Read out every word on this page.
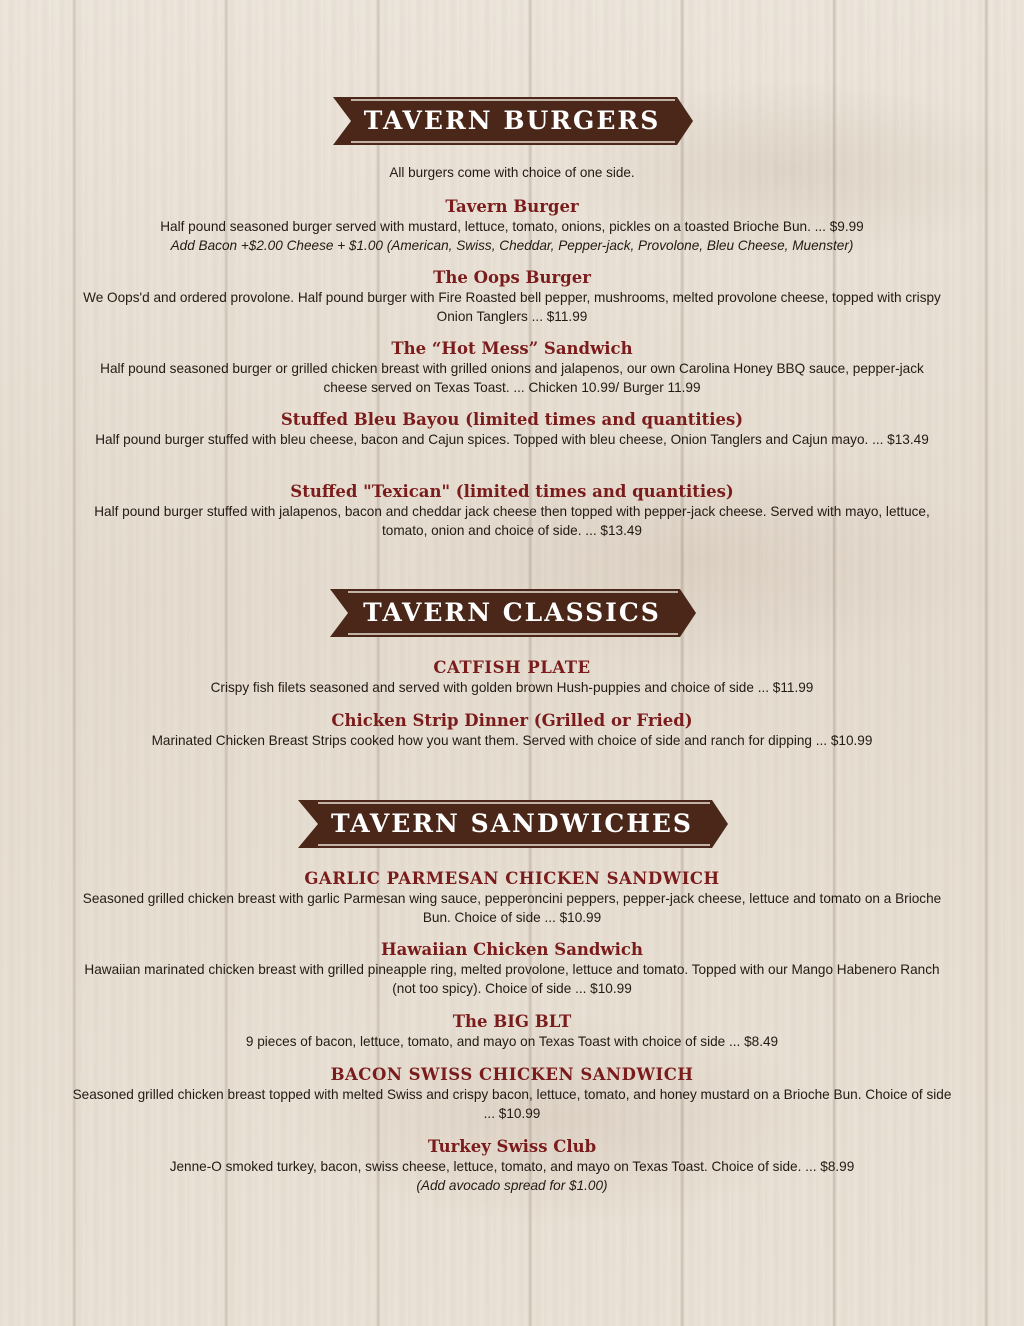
TAVERN BURGERS
All burgers come with choice of one side.
Tavern Burger
Half pound seasoned burger served with mustard, lettuce, tomato, onions, pickles on a toasted Brioche Bun. ... $9.99
Add Bacon +$2.00 Cheese + $1.00 (American, Swiss, Cheddar, Pepper-jack, Provolone, Bleu Cheese, Muenster)
The Oops Burger
We Oops'd and ordered provolone. Half pound burger with Fire Roasted bell pepper, mushrooms, melted provolone cheese, topped with crispy Onion Tanglers ... $11.99
The “Hot Mess” Sandwich
Half pound seasoned burger or grilled chicken breast with grilled onions and jalapenos, our own Carolina Honey BBQ sauce, pepper-jack cheese served on Texas Toast. ... Chicken 10.99/ Burger 11.99
Stuffed Bleu Bayou (limited times and quantities)
Half pound burger stuffed with bleu cheese, bacon and Cajun spices. Topped with bleu cheese, Onion Tanglers and Cajun mayo. ... $13.49
Stuffed "Texican" (limited times and quantities)
Half pound burger stuffed with jalapenos, bacon and cheddar jack cheese then topped with pepper-jack cheese. Served with mayo, lettuce, tomato, onion and choice of side. ... $13.49
TAVERN CLASSICS
CATFISH PLATE
Crispy fish filets seasoned and served with golden brown Hush-puppies and choice of side ... $11.99
Chicken Strip Dinner (Grilled or Fried)
Marinated Chicken Breast Strips cooked how you want them. Served with choice of side and ranch for dipping ... $10.99
TAVERN SANDWICHES
GARLIC PARMESAN CHICKEN SANDWICH
Seasoned grilled chicken breast with garlic Parmesan wing sauce, pepperoncini peppers, pepper-jack cheese, lettuce and tomato on a Brioche Bun. Choice of side ... $10.99
Hawaiian Chicken Sandwich
Hawaiian marinated chicken breast with grilled pineapple ring, melted provolone, lettuce and tomato. Topped with our Mango Habenero Ranch (not too spicy). Choice of side ... $10.99
The BIG BLT
9 pieces of bacon, lettuce, tomato, and mayo on Texas Toast with choice of side ... $8.49
BACON SWISS CHICKEN SANDWICH
Seasoned grilled chicken breast topped with melted Swiss and crispy bacon, lettuce, tomato, and honey mustard on a Brioche Bun. Choice of side ... $10.99
Turkey Swiss Club
Jenne-O smoked turkey, bacon, swiss cheese, lettuce, tomato, and mayo on Texas Toast. Choice of side. ... $8.99
(Add avocado spread for $1.00)
